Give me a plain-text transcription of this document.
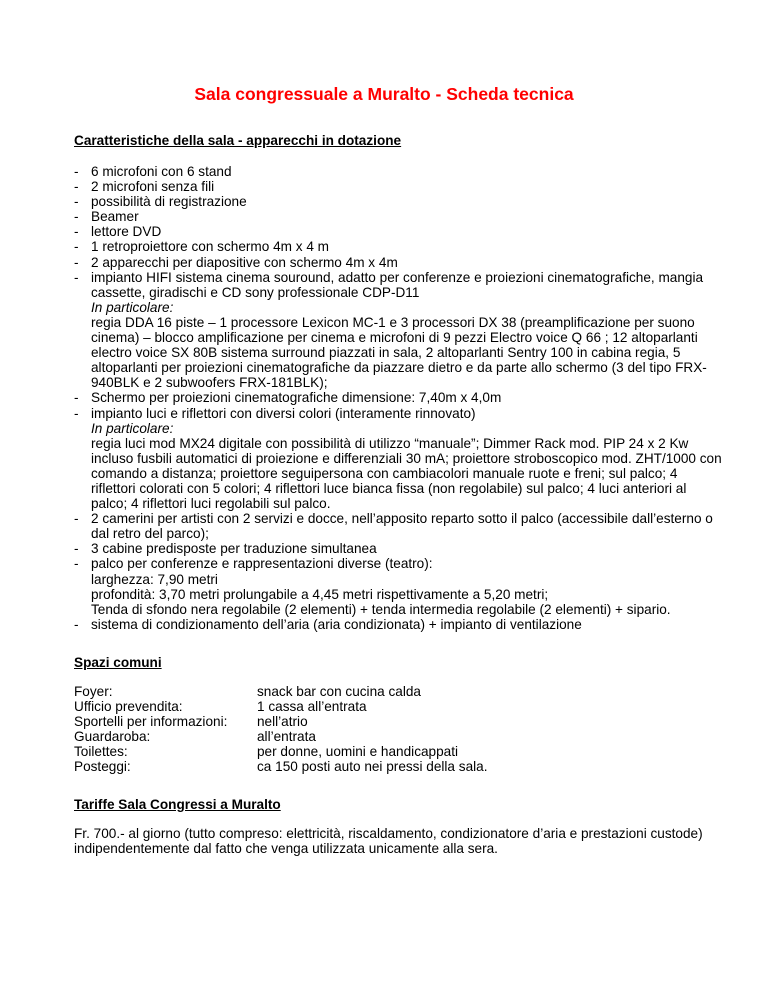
Sala congressuale a Muralto - Scheda tecnica

Caratteristiche della sala - apparecchi in dotazione

- 6 microfoni con 6 stand
- 2 microfoni senza fili
- possibilità di registrazione
- Beamer
- lettore DVD
- 1 retroproiettore con schermo 4m x 4 m
- 2 apparecchi per diapositive con schermo 4m x 4m
- impianto HIFI sistema cinema souround, adatto per conferenze e proiezioni cinematografiche, mangia cassette, giradischi e CD sony professionale CDP-D11
In particolare:
regia DDA 16 piste – 1 processore Lexicon MC-1 e 3 processori DX 38 (preamplificazione per suono cinema) – blocco amplificazione per cinema e microfoni di 9 pezzi Electro voice Q 66 ; 12 altoparlanti electro voice SX 80B sistema surround piazzati in sala, 2 altoparlanti Sentry 100 in cabina regia, 5 altoparlanti per proiezioni cinematografiche da piazzare dietro e da parte allo schermo (3 del tipo FRX-940BLK e 2 subwoofers FRX-181BLK);
- Schermo per proiezioni cinematografiche dimensione: 7,40m x 4,0m
- impianto luci e riflettori con diversi colori (interamente rinnovato)
In particolare:
regia luci mod MX24 digitale con possibilità di utilizzo “manuale”; Dimmer Rack mod. PIP 24 x 2 Kw incluso fusbili automatici di proiezione e differenziali 30 mA; proiettore stroboscopico mod. ZHT/1000 con comando a distanza; proiettore seguipersona con cambiacolori manuale ruote e freni; sul palco; 4 riflettori colorati con 5 colori; 4 riflettori luce bianca fissa (non regolabile) sul palco; 4 luci anteriori al palco; 4 riflettori luci regolabili sul palco.
- 2 camerini per artisti con 2 servizi e docce, nell’apposito reparto sotto il palco (accessibile dall’esterno o dal retro del parco);
- 3 cabine predisposte per traduzione simultanea
- palco per conferenze e rappresentazioni diverse (teatro):
larghezza: 7,90 metri
profondità: 3,70 metri prolungabile a 4,45 metri rispettivamente a 5,20 metri;
Tenda di sfondo nera regolabile (2 elementi) + tenda intermedia regolabile (2 elementi) + sipario.
- sistema di condizionamento dell’aria (aria condizionata) + impianto di ventilazione

Spazi comuni

Foyer:	snack bar con cucina calda
Ufficio prevendita:	1 cassa all’entrata
Sportelli per informazioni:	nell’atrio
Guardaroba:	all’entrata
Toilettes:	per donne, uomini e handicappati
Posteggi:	ca 150 posti auto nei pressi della sala.

Tariffe Sala Congressi a Muralto

Fr. 700.- al giorno (tutto compreso: elettricità, riscaldamento, condizionatore d’aria e prestazioni custode) indipendentemente dal fatto che venga utilizzata unicamente alla sera.
